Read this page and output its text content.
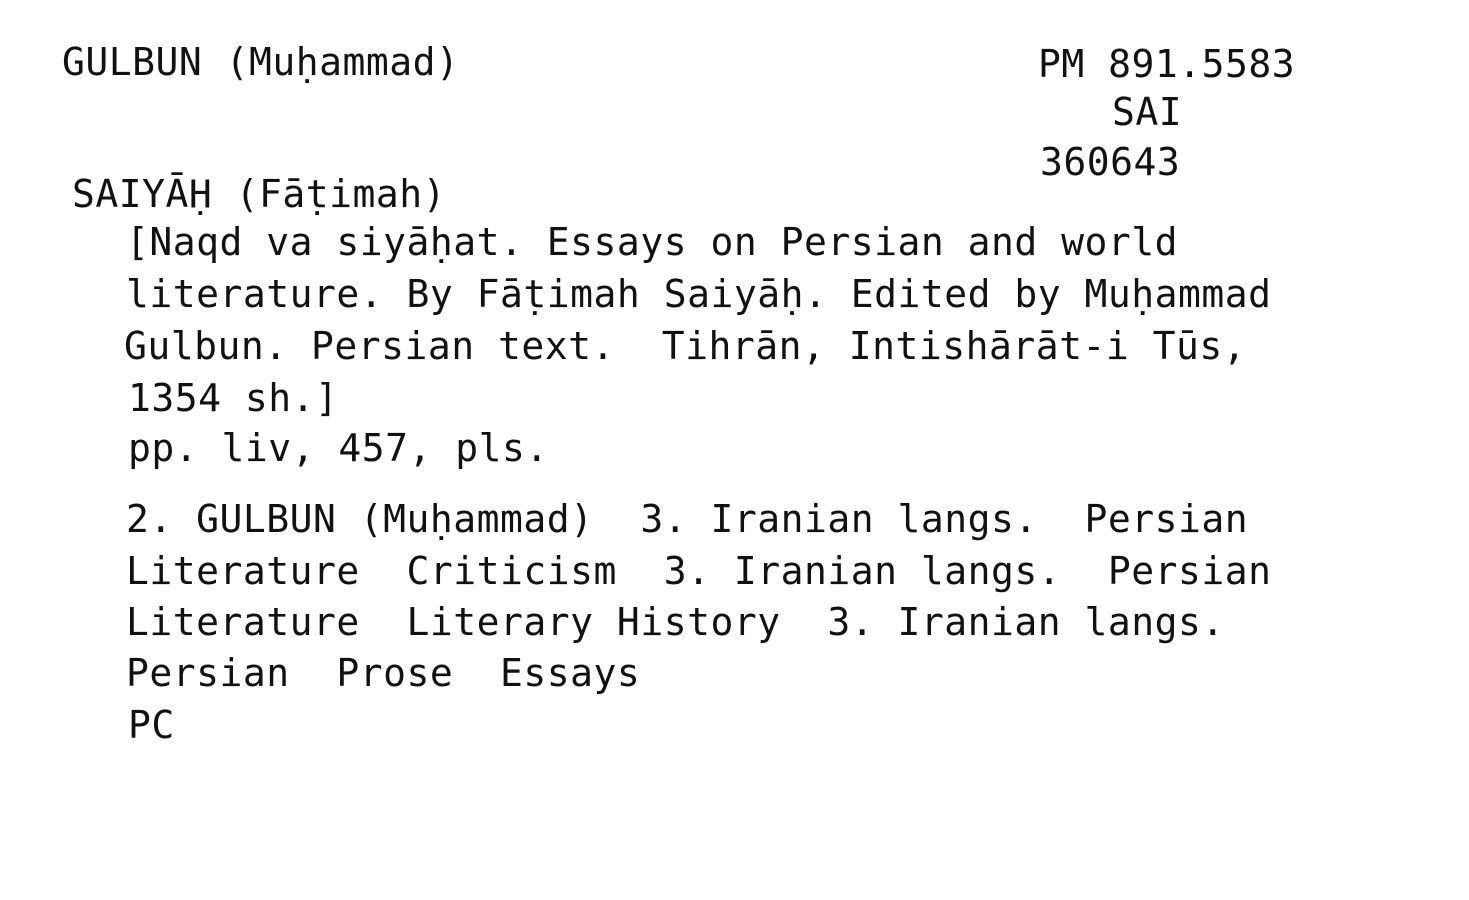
GULBUN (Muḥammad)	PM 891.5583
SAI
360643
SAIYĀḤ (Fāṭimah)
[Naqd va siyāḥat. Essays on Persian and world
literature. By Fāṭimah Saiyāḥ. Edited by Muḥammad
Gulbun. Persian text.  Tihrān, Intishārāt-i Tūs,
1354 sh.]
pp. liv, 457, pls.
2. GULBUN (Muḥammad)  3. Iranian langs.  Persian
Literature  Criticism  3. Iranian langs.  Persian
Literature  Literary History  3. Iranian langs.
Persian  Prose  Essays
PC
